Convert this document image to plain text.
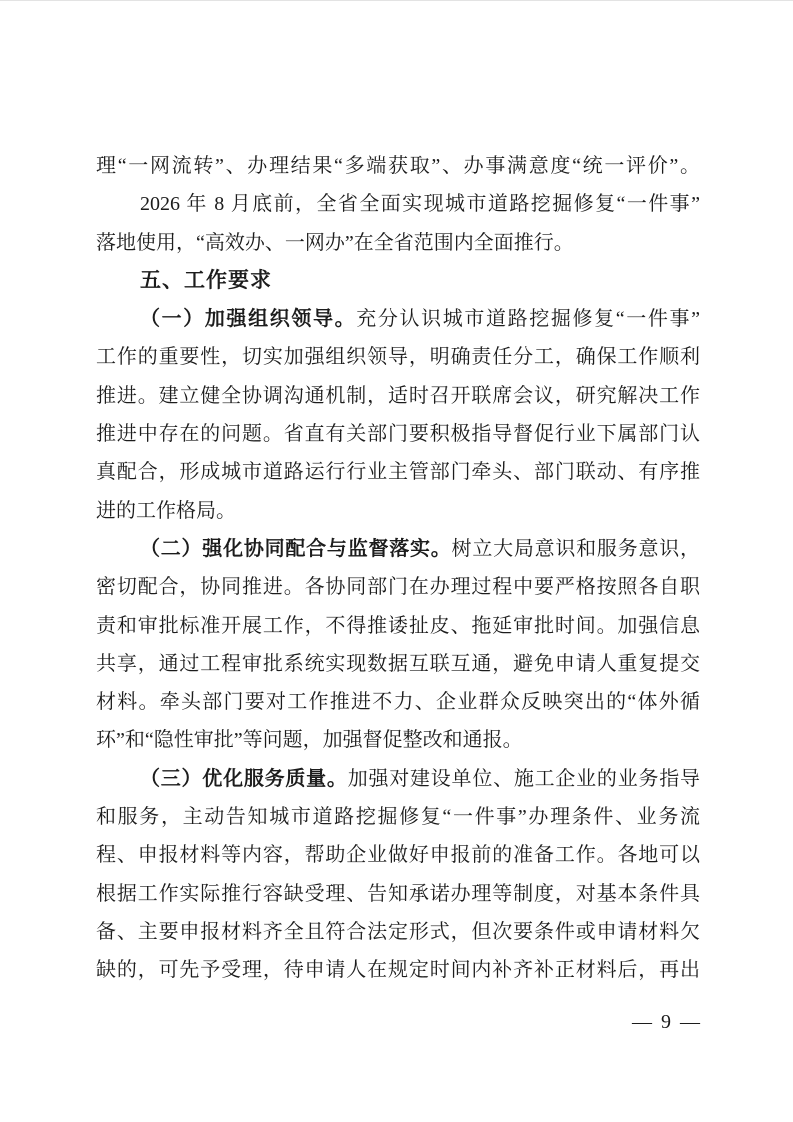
理“一网流转”、办理结果“多端获取”、办事满意度“统一评价”。
2026 年 8 月底前，全省全面实现城市道路挖掘修复“一件事”
落地使用，“高效办、一网办”在全省范围内全面推行。
五、工作要求
（一）加强组织领导。充分认识城市道路挖掘修复“一件事”
工作的重要性，切实加强组织领导，明确责任分工，确保工作顺利
推进。建立健全协调沟通机制，适时召开联席会议，研究解决工作
推进中存在的问题。省直有关部门要积极指导督促行业下属部门认
真配合，形成城市道路运行行业主管部门牵头、部门联动、有序推
进的工作格局。
（二）强化协同配合与监督落实。树立大局意识和服务意识，
密切配合，协同推进。各协同部门在办理过程中要严格按照各自职
责和审批标准开展工作，不得推诿扯皮、拖延审批时间。加强信息
共享，通过工程审批系统实现数据互联互通，避免申请人重复提交
材料。牵头部门要对工作推进不力、企业群众反映突出的“体外循
环”和“隐性审批”等问题，加强督促整改和通报。
（三）优化服务质量。加强对建设单位、施工企业的业务指导
和服务，主动告知城市道路挖掘修复“一件事”办理条件、业务流
程、申报材料等内容，帮助企业做好申报前的准备工作。各地可以
根据工作实际推行容缺受理、告知承诺办理等制度，对基本条件具
备、主要申报材料齐全且符合法定形式，但次要条件或申请材料欠
缺的，可先予受理，待申请人在规定时间内补齐补正材料后，再出
— 9 —
